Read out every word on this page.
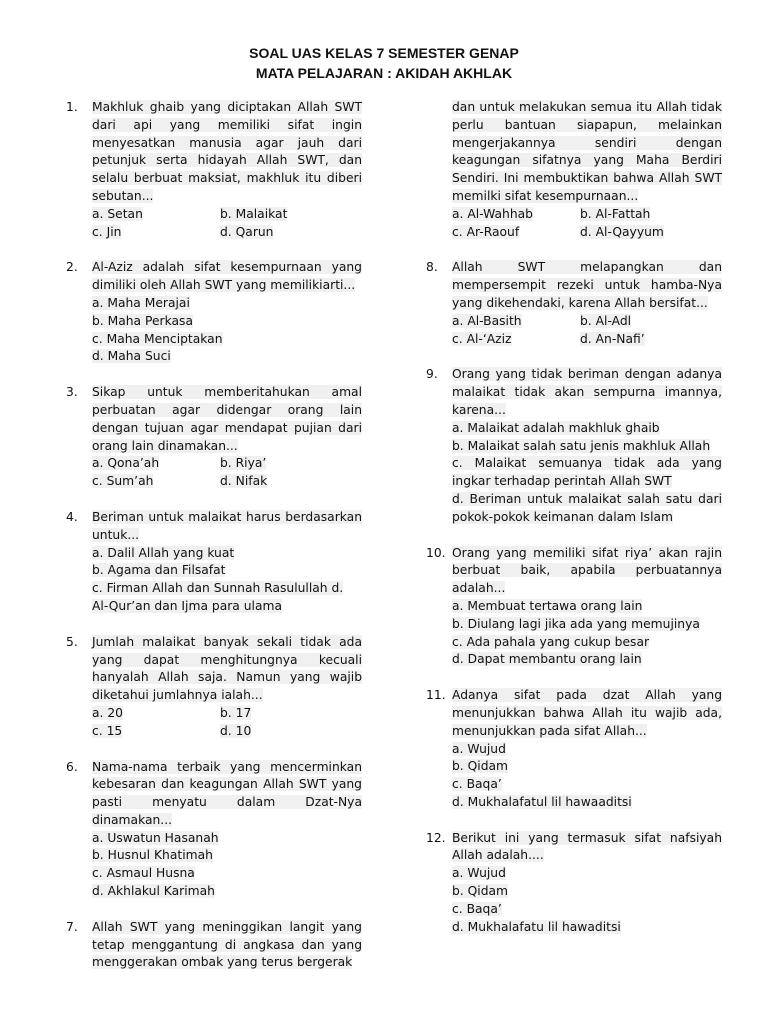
SOAL UAS KELAS 7 SEMESTER GENAP
MATA PELAJARAN : AKIDAH AKHLAK
1. Makhluk ghaib yang diciptakan Allah SWT dari api yang memiliki sifat ingin menyesatkan manusia agar jauh dari petunjuk serta hidayah Allah SWT, dan selalu berbuat maksiat, makhluk itu diberi sebutan...
a. Setan	b. Malaikat
c. Jin	d. Qarun
2. Al-Aziz adalah sifat kesempurnaan yang dimiliki oleh Allah SWT yang memilikiarti...
a. Maha Merajai
b. Maha Perkasa
c. Maha Menciptakan
d. Maha Suci
3. Sikap untuk memberitahukan amal perbuatan agar didengar orang lain dengan tujuan agar mendapat pujian dari orang lain dinamakan...
a. Qona’ah	b. Riya’
c. Sum’ah	d. Nifak
4. Beriman untuk malaikat harus berdasarkan untuk...
a. Dalil Allah yang kuat
b. Agama dan Filsafat
c. Firman Allah dan Sunnah Rasulullah d. Al-Qur’an dan Ijma para ulama
5. Jumlah malaikat banyak sekali tidak ada yang dapat menghitungnya kecuali hanyalah Allah saja. Namun yang wajib diketahui jumlahnya ialah...
a. 20	b. 17
c. 15	d. 10
6. Nama-nama terbaik yang mencerminkan kebesaran dan keagungan Allah SWT yang pasti menyatu dalam Dzat-Nya dinamakan...
a. Uswatun Hasanah
b. Husnul Khatimah
c. Asmaul Husna
d. Akhlakul Karimah
7. Allah SWT yang meninggikan langit yang tetap menggantung di angkasa dan yang menggerakan ombak yang terus bergerak
dan untuk melakukan semua itu Allah tidak perlu bantuan siapapun, melainkan mengerjakannya sendiri dengan keagungan sifatnya yang Maha Berdiri Sendiri. Ini membuktikan bahwa Allah SWT memilki sifat kesempurnaan...
a. Al-Wahhab	b. Al-Fattah
c. Ar-Raouf	d. Al-Qayyum
8. Allah SWT melapangkan dan mempersempit rezeki untuk hamba-Nya yang dikehendaki, karena Allah bersifat...
a. Al-Basith	b. Al-Adl
c. Al-‘Aziz	d. An-Nafi’
9. Orang yang tidak beriman dengan adanya malaikat tidak akan sempurna imannya, karena...
a. Malaikat adalah makhluk ghaib
b. Malaikat salah satu jenis makhluk Allah
c. Malaikat semuanya tidak ada yang ingkar terhadap perintah Allah SWT
d. Beriman untuk malaikat salah satu dari pokok-pokok keimanan dalam Islam
10. Orang yang memiliki sifat riya’ akan rajin berbuat baik, apabila perbuatannya adalah...
a. Membuat tertawa orang lain
b. Diulang lagi jika ada yang memujinya
c. Ada pahala yang cukup besar
d. Dapat membantu orang lain
11. Adanya sifat pada dzat Allah yang menunjukkan bahwa Allah itu wajib ada, menunjukkan pada sifat Allah...
a. Wujud
b. Qidam
c. Baqa’
d. Mukhalafatul lil hawaaditsi
12. Berikut ini yang termasuk sifat nafsiyah Allah adalah....
a. Wujud
b. Qidam
c. Baqa’
d. Mukhalafatu lil hawaditsi
